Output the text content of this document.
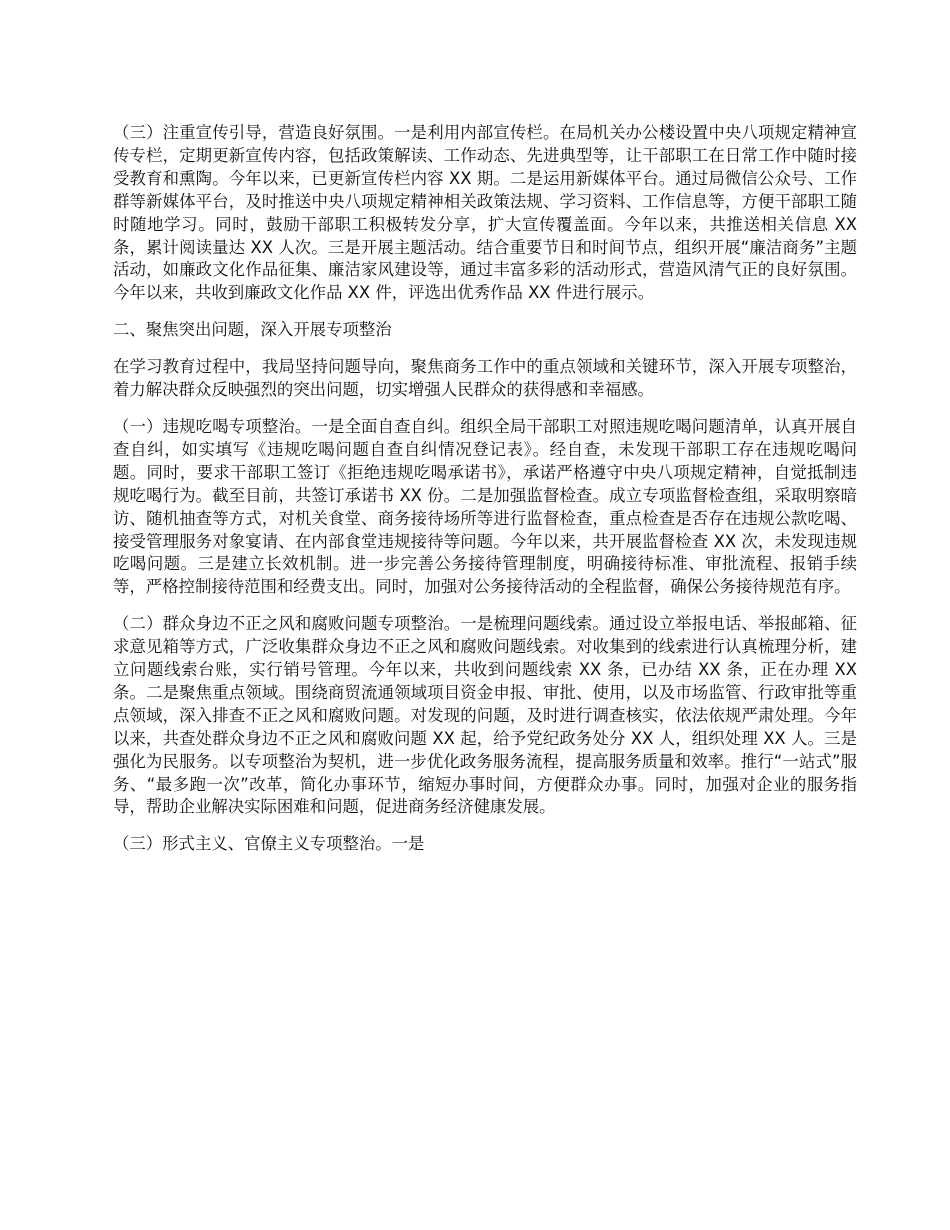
（三）注重宣传引导，营造良好氛围。一是利用内部宣传栏。在局机关办公楼设置中央八项规定精神宣传专栏，定期更新宣传内容，包括政策解读、工作动态、先进典型等，让干部职工在日常工作中随时接受教育和熏陶。今年以来，已更新宣传栏内容 XX 期。二是运用新媒体平台。通过局微信公众号、工作群等新媒体平台，及时推送中央八项规定精神相关政策法规、学习资料、工作信息等，方便干部职工随时随地学习。同时，鼓励干部职工积极转发分享，扩大宣传覆盖面。今年以来，共推送相关信息 XX 条，累计阅读量达 XX 人次。三是开展主题活动。结合重要节日和时间节点，组织开展“廉洁商务”主题活动，如廉政文化作品征集、廉洁家风建设等，通过丰富多彩的活动形式，营造风清气正的良好氛围。今年以来，共收到廉政文化作品 XX 件，评选出优秀作品 XX 件进行展示。

二、聚焦突出问题，深入开展专项整治

在学习教育过程中，我局坚持问题导向，聚焦商务工作中的重点领域和关键环节，深入开展专项整治，着力解决群众反映强烈的突出问题，切实增强人民群众的获得感和幸福感。

（一）违规吃喝专项整治。一是全面自查自纠。组织全局干部职工对照违规吃喝问题清单，认真开展自查自纠，如实填写《违规吃喝问题自查自纠情况登记表》。经自查，未发现干部职工存在违规吃喝问题。同时，要求干部职工签订《拒绝违规吃喝承诺书》，承诺严格遵守中央八项规定精神，自觉抵制违规吃喝行为。截至目前，共签订承诺书 XX 份。二是加强监督检查。成立专项监督检查组，采取明察暗访、随机抽查等方式，对机关食堂、商务接待场所等进行监督检查，重点检查是否存在违规公款吃喝、接受管理服务对象宴请、在内部食堂违规接待等问题。今年以来，共开展监督检查 XX 次，未发现违规吃喝问题。三是建立长效机制。进一步完善公务接待管理制度，明确接待标准、审批流程、报销手续等，严格控制接待范围和经费支出。同时，加强对公务接待活动的全程监督，确保公务接待规范有序。

（二）群众身边不正之风和腐败问题专项整治。一是梳理问题线索。通过设立举报电话、举报邮箱、征求意见箱等方式，广泛收集群众身边不正之风和腐败问题线索。对收集到的线索进行认真梳理分析，建立问题线索台账，实行销号管理。今年以来，共收到问题线索 XX 条，已办结 XX 条，正在办理 XX 条。二是聚焦重点领域。围绕商贸流通领域项目资金申报、审批、使用，以及市场监管、行政审批等重点领域，深入排查不正之风和腐败问题。对发现的问题，及时进行调查核实，依法依规严肃处理。今年以来，共查处群众身边不正之风和腐败问题 XX 起，给予党纪政务处分 XX 人，组织处理 XX 人。三是强化为民服务。以专项整治为契机，进一步优化政务服务流程，提高服务质量和效率。推行“一站式”服务、“最多跑一次”改革，简化办事环节，缩短办事时间，方便群众办事。同时，加强对企业的服务指导，帮助企业解决实际困难和问题，促进商务经济健康发展。

（三）形式主义、官僚主义专项整治。一是
